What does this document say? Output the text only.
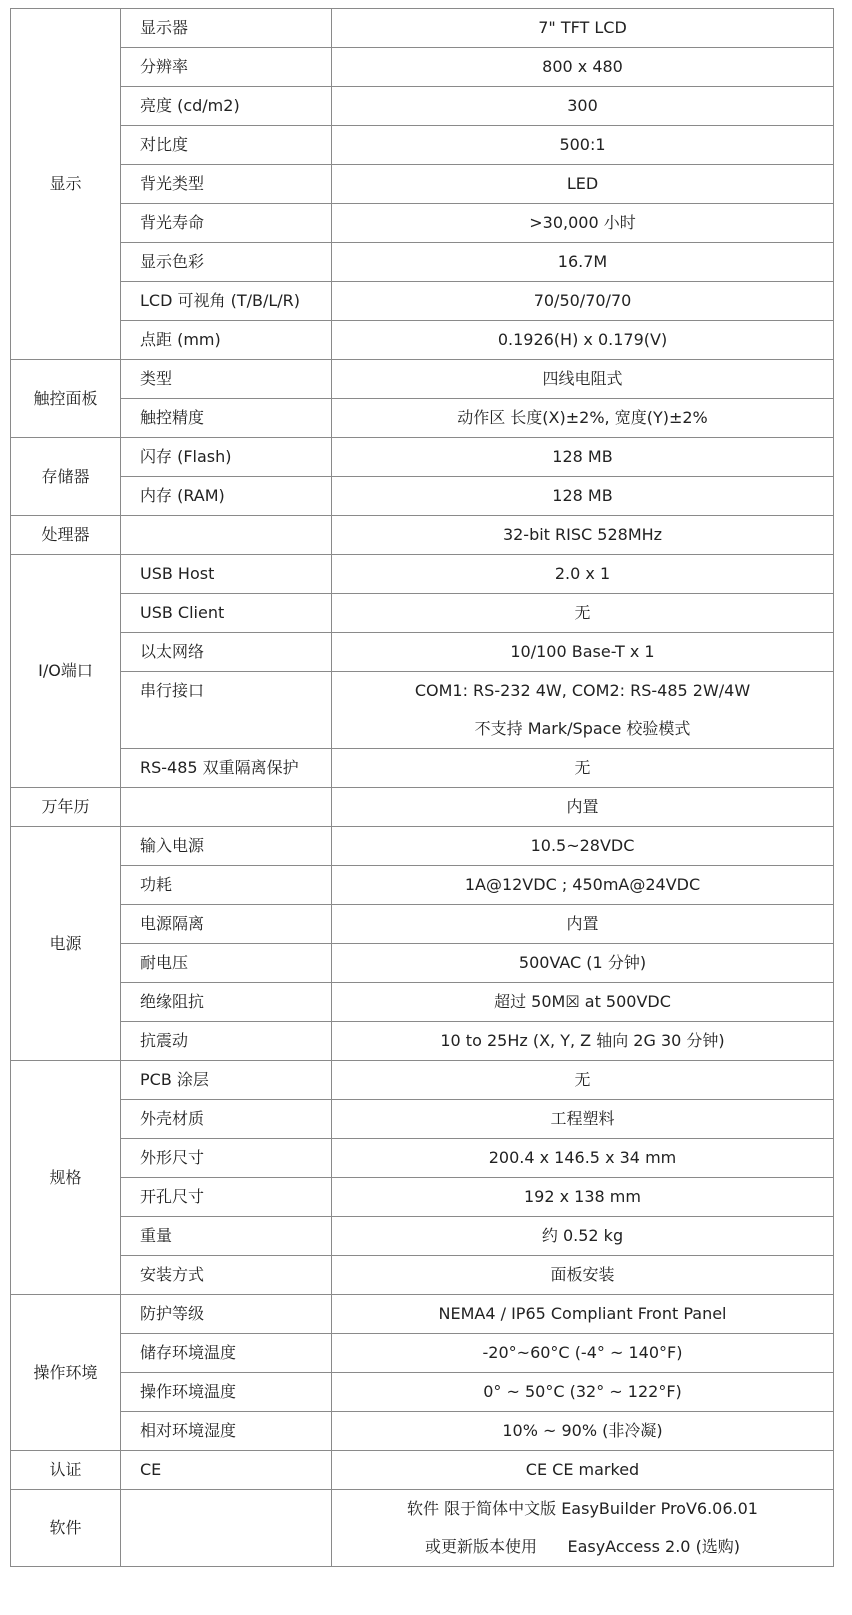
显示	显示器	7" TFT LCD
	分辨率	800 x 480
	亮度 (cd/m2)	300
	对比度	500:1
	背光类型	LED
	背光寿命	>30,000 小时
	显示色彩	16.7M
	LCD 可视角 (T/B/L/R)	70/50/70/70
	点距 (mm)	0.1926(H) x 0.179(V)
触控面板	类型	四线电阻式
	触控精度	动作区 长度(X)±2%, 宽度(Y)±2%
存储器	闪存 (Flash)	128 MB
	内存 (RAM)	128 MB
处理器		32-bit RISC 528MHz
I/O端口	USB Host	2.0 x 1
	USB Client	无
	以太网络	10/100 Base-T x 1
	串行接口	COM1: RS-232 4W, COM2: RS-485 2W/4W
		不支持 Mark/Space 校验模式
	RS-485 双重隔离保护	无
万年历		内置
电源	输入电源	10.5~28VDC
	功耗	1A@12VDC ; 450mA@24VDC
	电源隔离	内置
	耐电压	500VAC (1 分钟)
	绝缘阻抗	超过 50M☒ at 500VDC
	抗震动	10 to 25Hz (X, Y, Z 轴向 2G 30 分钟)
规格	PCB 涂层	无
	外壳材质	工程塑料
	外形尺寸	200.4 x 146.5 x 34 mm
	开孔尺寸	192 x 138 mm
	重量	约 0.52 kg
	安装方式	面板安装
操作环境	防护等级	NEMA4 / IP65 Compliant Front Panel
	储存环境温度	-20°~60°C (-4° ~ 140°F)
	操作环境温度	0° ~ 50°C (32° ~ 122°F)
	相对环境湿度	10% ~ 90% (非冷凝)
认证	CE	CE CE marked
软件		软件 限于简体中文版 EasyBuilder ProV6.06.01
		或更新版本使用      EasyAccess 2.0 (选购)
